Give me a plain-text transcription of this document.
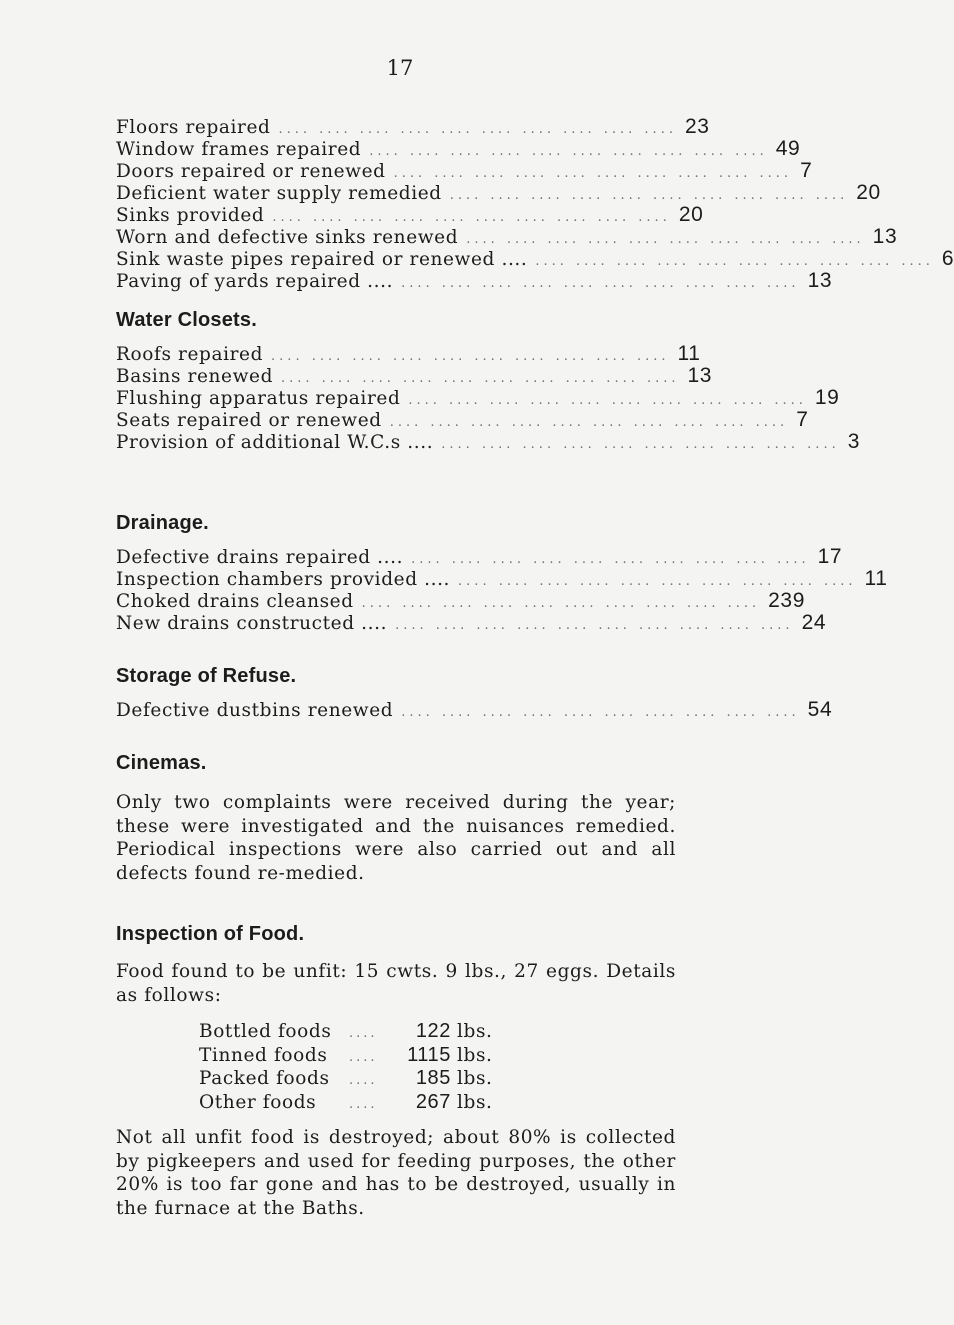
17
Floors repaired .... .... .... .... .... .... .... .... .... .... 23
Window frames repaired .... .... .... .... .... .... .... .... .... .... 49
Doors repaired or renewed .... .... .... .... .... .... .... .... .... .... 7
Deficient water supply remedied .... .... .... .... .... .... .... .... .... .... 20
Sinks provided .... .... .... .... .... .... .... .... .... .... 20
Worn and defective sinks renewed .... .... .... .... .... .... .... .... .... .... 13
Sink waste pipes repaired or renewed .... .... .... .... .... .... .... .... .... .... .... 6
Paving of yards repaired .... .... .... .... .... .... .... .... .... .... .... 13
Water Closets.
Roofs repaired .... .... .... .... .... .... .... .... .... .... 11
Basins renewed .... .... .... .... .... .... .... .... .... .... 13
Flushing apparatus repaired .... .... .... .... .... .... .... .... .... .... 19
Seats repaired or renewed .... .... .... .... .... .... .... .... .... .... 7
Provision of additional W.C.s .... .... .... .... .... .... .... .... .... .... .... 3
Drainage.
Defective drains repaired .... .... .... .... .... .... .... .... .... .... .... 17
Inspection chambers provided .... .... .... .... .... .... .... .... .... .... .... 11
Choked drains cleansed .... .... .... .... .... .... .... .... .... .... 239
New drains constructed .... .... .... .... .... .... .... .... .... .... .... 24
Storage of Refuse.
Defective dustbins renewed .... .... .... .... .... .... .... .... .... .... 54
Cinemas.

Only two complaints were received during the year; these were investigated and the nuisances remedied. Periodical inspections were also carried out and all defects found re-medied.

Inspection of Food.

Food found to be unfit: 15 cwts. 9 lbs., 27 eggs. Details as follows:

Bottled foods	....	122 lbs.
Tinned foods	....	1115 lbs.
Packed foods	....	185 lbs.
Other foods	....	267 lbs.

Not all unfit food is destroyed; about 80% is collected by pigkeepers and used for feeding purposes, the other 20% is too far gone and has to be destroyed, usually in the furnace at the Baths.
